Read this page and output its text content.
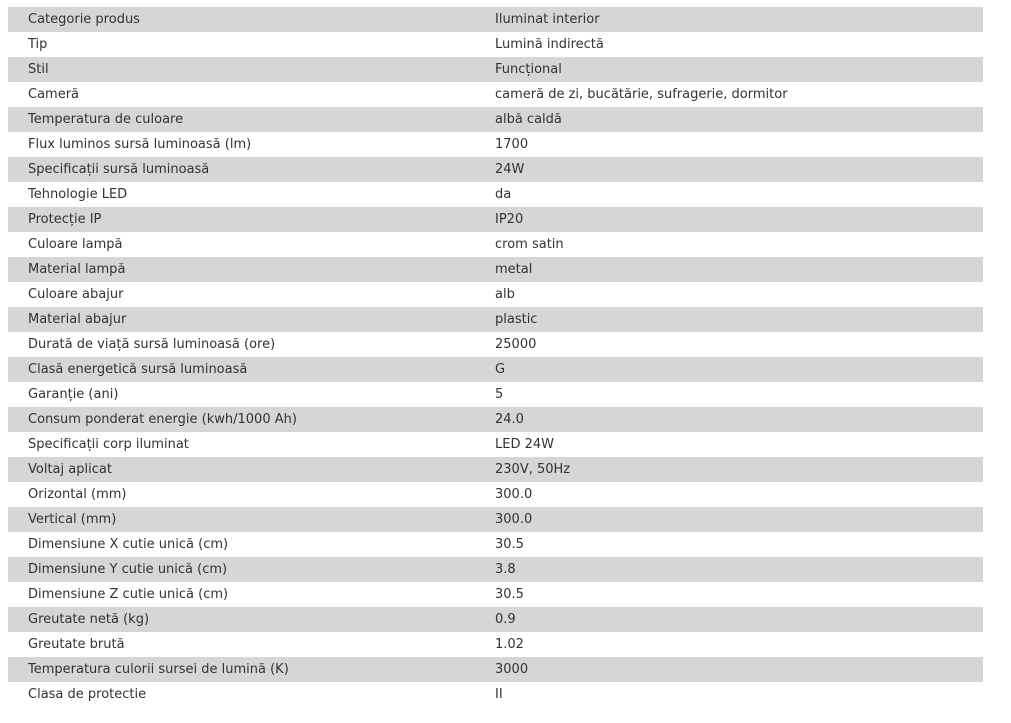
Categorie produs	Iluminat interior
Tip	Lumină indirectă
Stil	Funcțional
Cameră	cameră de zi, bucătărie, sufragerie, dormitor
Temperatura de culoare	albă caldă
Flux luminos sursă luminoasă (lm)	1700
Specificații sursă luminoasă	24W
Tehnologie LED	da
Protecție IP	IP20
Culoare lampă	crom satin
Material lampă	metal
Culoare abajur	alb
Material abajur	plastic
Durată de viață sursă luminoasă (ore)	25000
Clasă energetică sursă luminoasă	G
Garanție (ani)	5
Consum ponderat energie (kwh/1000 Ah)	24.0
Specificații corp iluminat	LED 24W
Voltaj aplicat	230V, 50Hz
Orizontal (mm)	300.0
Vertical (mm)	300.0
Dimensiune X cutie unică (cm)	30.5
Dimensiune Y cutie unică (cm)	3.8
Dimensiune Z cutie unică (cm)	30.5
Greutate netă (kg)	0.9
Greutate brută	1.02
Temperatura culorii sursei de lumină (K)	3000
Clasa de protectie	II
